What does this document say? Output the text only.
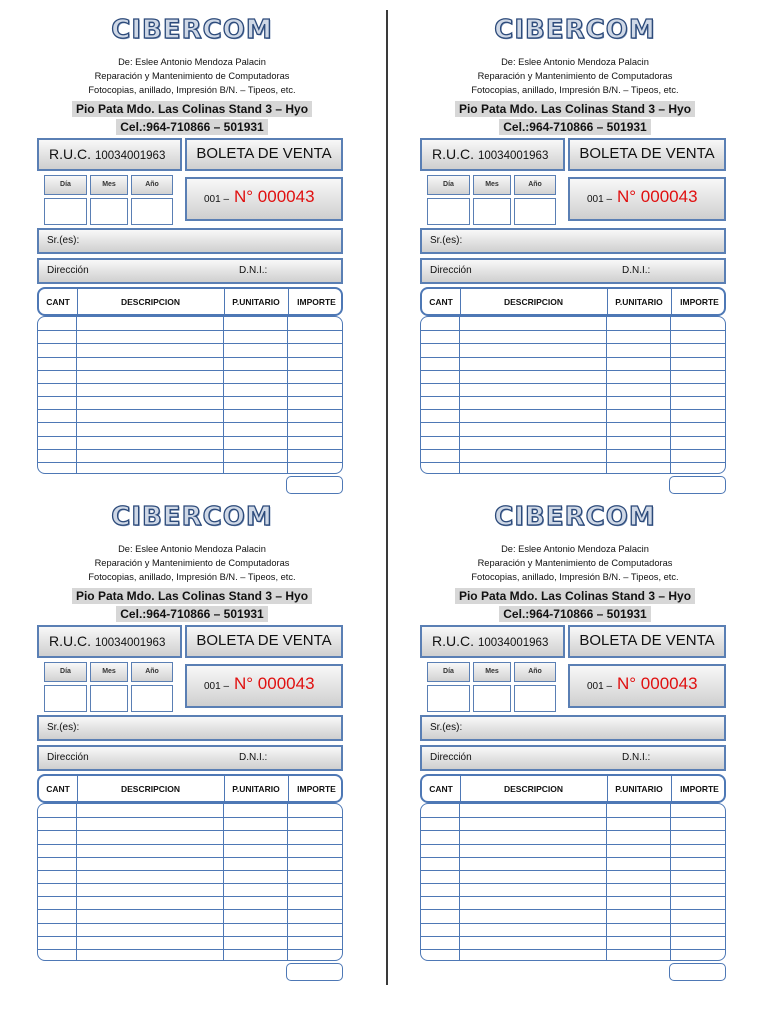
CIBERCOM
De: Eslee Antonio Mendoza Palacin
Reparación y Mantenimiento de Computadoras
Fotocopias, anillado, Impresión B/N. – Tipeos, etc.
Pio Pata Mdo. Las Colinas Stand 3 – Hyo
Cel.:964-710866 – 501931
R.U.C. 10034001963	BOLETA DE VENTA
Día	Mes	Año
001 – N° 000043
Sr.(es):
Dirección	D.N.I.:
CANT	DESCRIPCION	P.UNITARIO	IMPORTE
CIBERCOM
De: Eslee Antonio Mendoza Palacin
Reparación y Mantenimiento de Computadoras
Fotocopias, anillado, Impresión B/N. – Tipeos, etc.
Pio Pata Mdo. Las Colinas Stand 3 – Hyo
Cel.:964-710866 – 501931
R.U.C. 10034001963	BOLETA DE VENTA
Día	Mes	Año
001 – N° 000043
Sr.(es):
Dirección	D.N.I.:
CANT	DESCRIPCION	P.UNITARIO	IMPORTE
CIBERCOM
De: Eslee Antonio Mendoza Palacin
Reparación y Mantenimiento de Computadoras
Fotocopias, anillado, Impresión B/N. – Tipeos, etc.
Pio Pata Mdo. Las Colinas Stand 3 – Hyo
Cel.:964-710866 – 501931
R.U.C. 10034001963	BOLETA DE VENTA
Día	Mes	Año
001 – N° 000043
Sr.(es):
Dirección	D.N.I.:
CANT	DESCRIPCION	P.UNITARIO	IMPORTE
CIBERCOM
De: Eslee Antonio Mendoza Palacin
Reparación y Mantenimiento de Computadoras
Fotocopias, anillado, Impresión B/N. – Tipeos, etc.
Pio Pata Mdo. Las Colinas Stand 3 – Hyo
Cel.:964-710866 – 501931
R.U.C. 10034001963	BOLETA DE VENTA
Día	Mes	Año
001 – N° 000043
Sr.(es):
Dirección	D.N.I.:
CANT	DESCRIPCION	P.UNITARIO	IMPORTE
